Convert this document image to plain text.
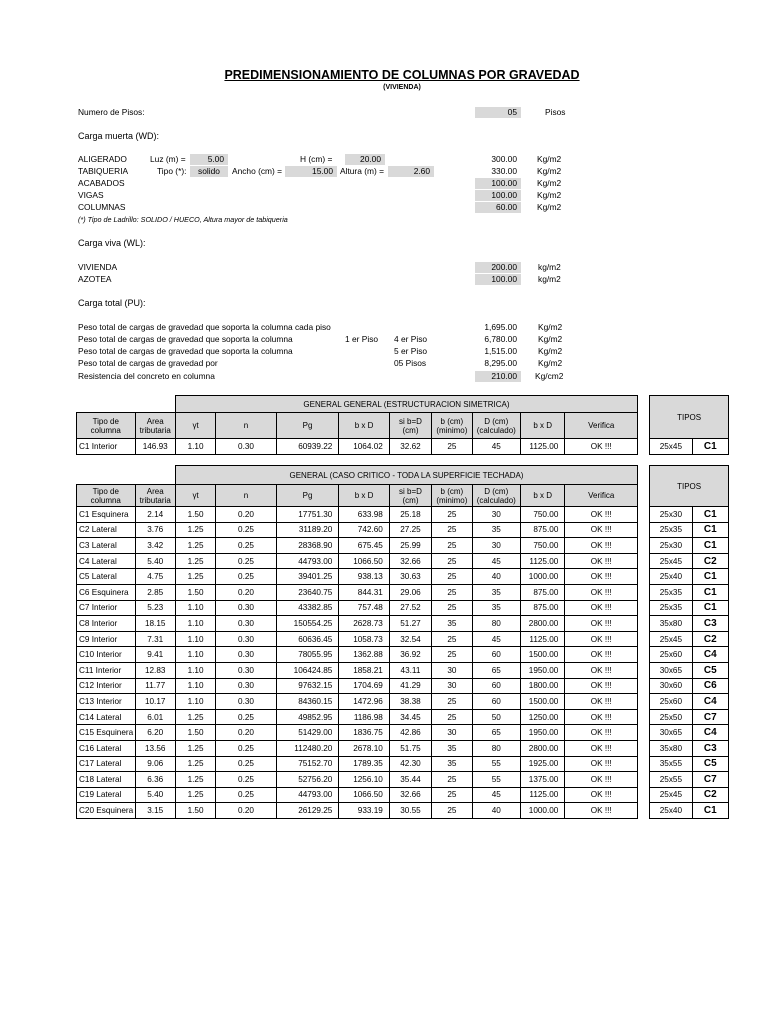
PREDIMENSIONAMIENTO DE COLUMNAS POR GRAVEDAD
(VIVIENDA)
Numero de Pisos:	05	Pisos
Carga muerta (WD):
ALIGERADO	Luz (m) =	5.00	H (cm) =	20.00	300.00	Kg/m2
TABIQUERIA	Tipo (*):	solido	Ancho (cm) =	15.00 Altura (m) =	2.60	330.00	Kg/m2
ACABADOS	100.00	Kg/m2
VIGAS	100.00	Kg/m2
COLUMNAS	60.00	Kg/m2
(*) Tipo de Ladrillo: SOLIDO / HUECO, Altura mayor de tabiqueria
Carga viva (WL):
VIVIENDA	200.00	kg/m2
AZOTEA	100.00	kg/m2
Carga total (PU):
Peso total de cargas de gravedad que soporta la columna cada piso	1,695.00	Kg/m2
Peso total de cargas de gravedad que soporta la columna	1 er Piso 4 er Piso	6,780.00	Kg/m2
Peso total de cargas de gravedad que soporta la columna	5 er Piso	1,515.00	Kg/m2
Peso total de cargas de gravedad por	05 Pisos	8,295.00	Kg/m2
Resistencia del concreto en columna	210.00	Kg/cm2
		GENERAL GENERAL (ESTRUCTURACION SIMETRICA)										TIPOS	
Tipo de columna	Area tributaria	γt	n	Pg	b x D	si b=D (cm)	b (cm) (minimo)	D (cm) (calculado)	b x D	Verifica			
C1 Interior	146.93	1.10	0.30	60939.22	1064.02	32.62	25	45	1125.00	OK !!!		25x45	C1
		GENERAL (CASO CRITICO - TODA LA SUPERFICIE TECHADA)										TIPOS	
Tipo de columna	Area tributaria	γt	n	Pg	b x D	si b=D (cm)	b (cm) (minimo)	D (cm) (calculado)	b x D	Verifica			
C1 Esquinera	2.14	1.50	0.20	17751.30	633.98	25.18	25	30	750.00	OK !!!		25x30	C1
C2 Lateral	3.76	1.25	0.25	31189.20	742.60	27.25	25	35	875.00	OK !!!		25x35	C1
C3 Lateral	3.42	1.25	0.25	28368.90	675.45	25.99	25	30	750.00	OK !!!		25x30	C1
C4 Lateral	5.40	1.25	0.25	44793.00	1066.50	32.66	25	45	1125.00	OK !!!		25x45	C2
C5 Lateral	4.75	1.25	0.25	39401.25	938.13	30.63	25	40	1000.00	OK !!!		25x40	C1
C6 Esquinera	2.85	1.50	0.20	23640.75	844.31	29.06	25	35	875.00	OK !!!		25x35	C1
C7 Interior	5.23	1.10	0.30	43382.85	757.48	27.52	25	35	875.00	OK !!!		25x35	C1
C8 Interior	18.15	1.10	0.30	150554.25	2628.73	51.27	35	80	2800.00	OK !!!		35x80	C3
C9 Interior	7.31	1.10	0.30	60636.45	1058.73	32.54	25	45	1125.00	OK !!!		25x45	C2
C10 Interior	9.41	1.10	0.30	78055.95	1362.88	36.92	25	60	1500.00	OK !!!		25x60	C4
C11 Interior	12.83	1.10	0.30	106424.85	1858.21	43.11	30	65	1950.00	OK !!!		30x65	C5
C12 Interior	11.77	1.10	0.30	97632.15	1704.69	41.29	30	60	1800.00	OK !!!		30x60	C6
C13 Interior	10.17	1.10	0.30	84360.15	1472.96	38.38	25	60	1500.00	OK !!!		25x60	C4
C14 Lateral	6.01	1.25	0.25	49852.95	1186.98	34.45	25	50	1250.00	OK !!!		25x50	C7
C15 Esquinera	6.20	1.50	0.20	51429.00	1836.75	42.86	30	65	1950.00	OK !!!		30x65	C4
C16 Lateral	13.56	1.25	0.25	112480.20	2678.10	51.75	35	80	2800.00	OK !!!		35x80	C3
C17 Lateral	9.06	1.25	0.25	75152.70	1789.35	42.30	35	55	1925.00	OK !!!		35x55	C5
C18 Lateral	6.36	1.25	0.25	52756.20	1256.10	35.44	25	55	1375.00	OK !!!		25x55	C7
C19 Lateral	5.40	1.25	0.25	44793.00	1066.50	32.66	25	45	1125.00	OK !!!		25x45	C2
C20 Esquinera	3.15	1.50	0.20	26129.25	933.19	30.55	25	40	1000.00	OK !!!		25x40	C1
